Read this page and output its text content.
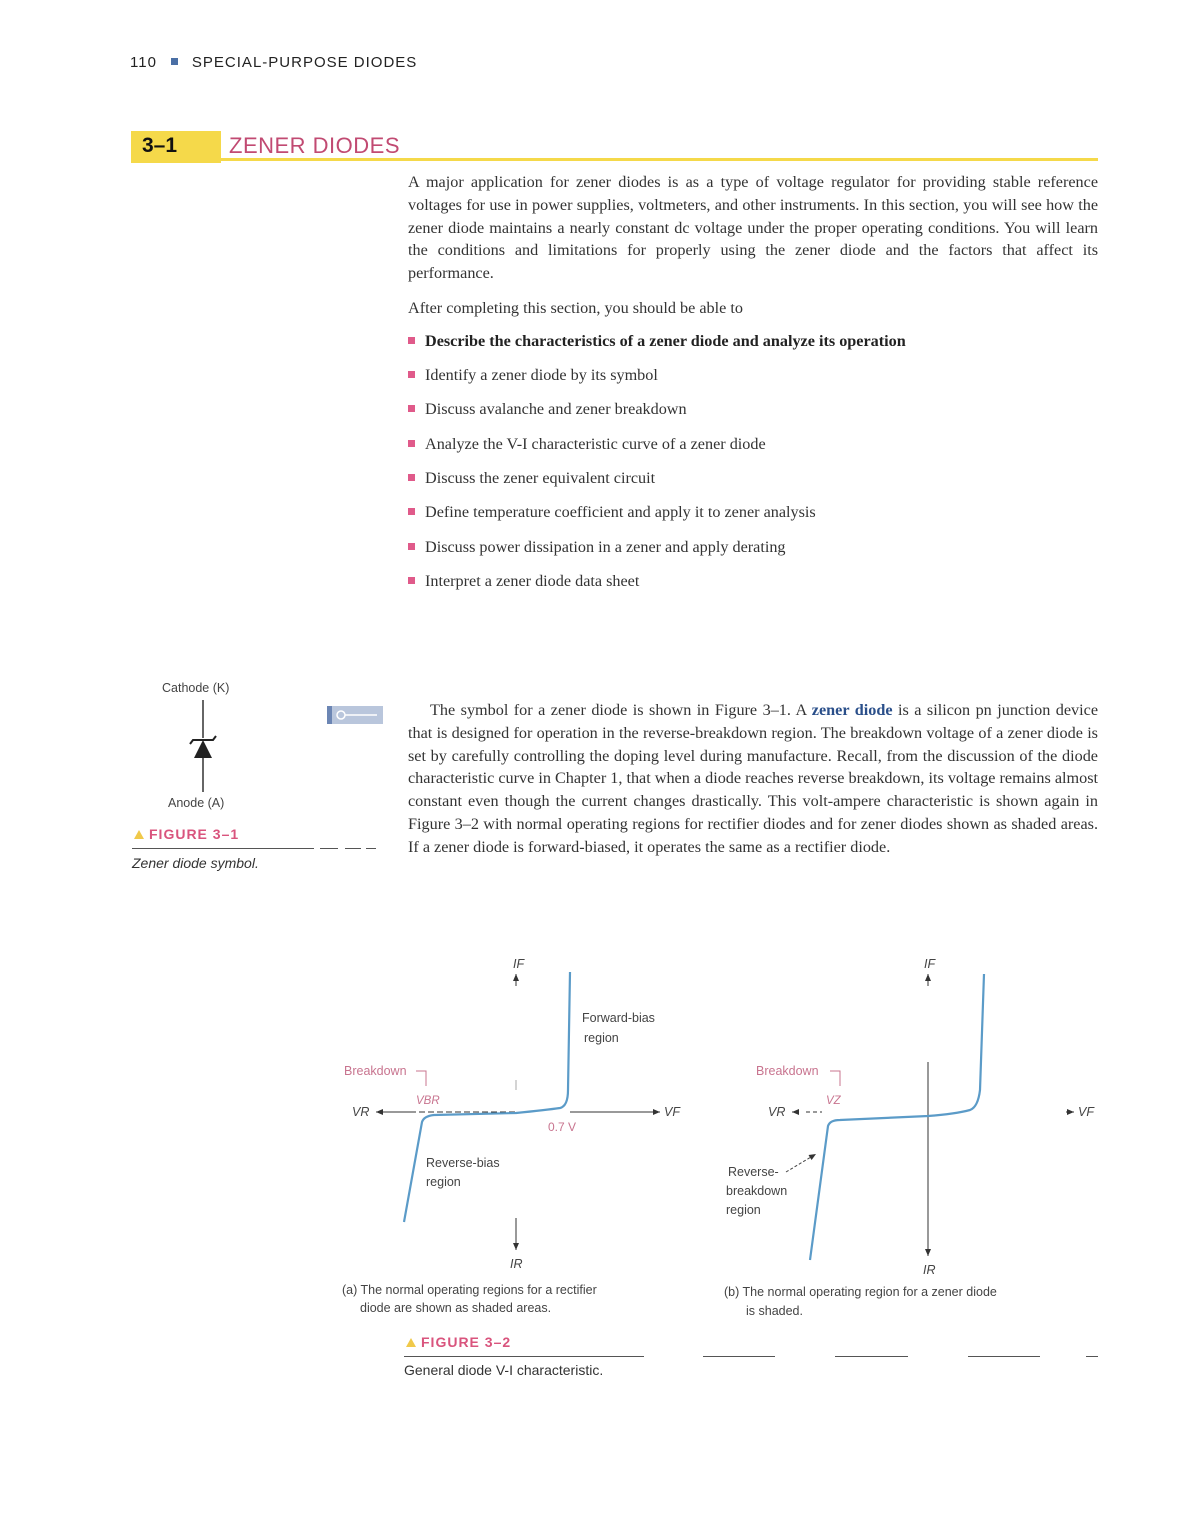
110 SPECIAL-PURPOSE DIODES
3–1 ZENER DIODES
A major application for zener diodes is as a type of voltage regulator for providing stable reference voltages for use in power supplies, voltmeters, and other instruments. In this section, you will see how the zener diode maintains a nearly constant dc voltage under the proper operating conditions. You will learn the conditions and limitations for properly using the zener diode and the factors that affect its performance.
After completing this section, you should be able to
Describe the characteristics of a zener diode and analyze its operation
Identify a zener diode by its symbol
Discuss avalanche and zener breakdown
Analyze the V-I characteristic curve of a zener diode
Discuss the zener equivalent circuit
Define temperature coefficient and apply it to zener analysis
Discuss power dissipation in a zener and apply derating
Interpret a zener diode data sheet
Cathode (K)
Anode (A)
FIGURE 3–1
Zener diode symbol.
The symbol for a zener diode is shown in Figure 3–1. A zener diode is a silicon pn junction device that is designed for operation in the reverse-breakdown region. The breakdown voltage of a zener diode is set by carefully controlling the doping level during manufacture. Recall, from the discussion of the diode characteristic curve in Chapter 1, that when a diode reaches reverse breakdown, its voltage remains almost constant even though the current changes drastically. This volt-ampere characteristic is shown again in Figure 3–2 with normal operating regions for rectifier diodes and for zener diodes shown as shaded areas. If a zener diode is forward-biased, it operates the same as a rectifier diode.
IF
IR
VR	VF
Breakdown
VBR
0.7 V
Forward-bias
region
Reverse-bias
region
IF
IR
VR	VF
Breakdown
VZ
Reverse-
breakdown
region
(a) The normal operating regions for a rectifier
diode are shown as shaded areas.
(b) The normal operating region for a zener diode
is shaded.
FIGURE 3–2
General diode V-I characteristic.
